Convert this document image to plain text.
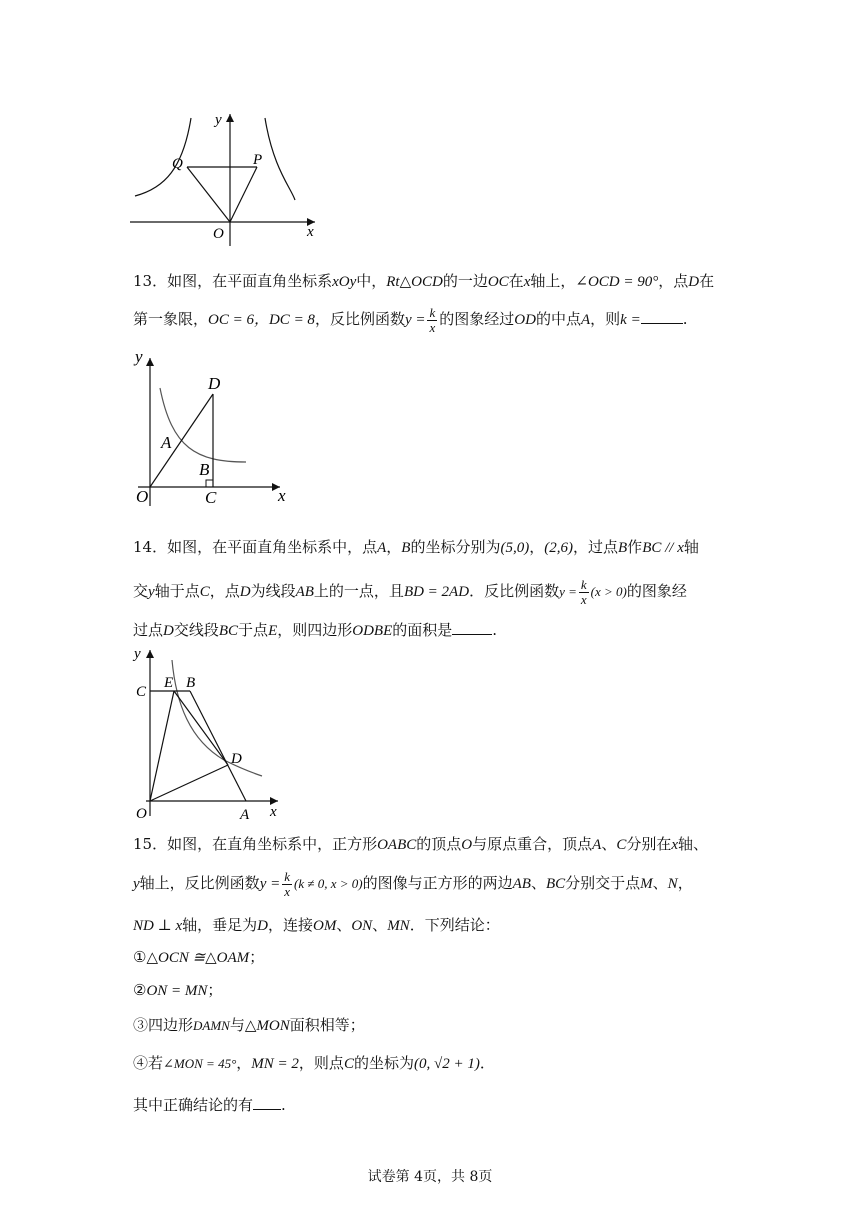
y
x
O
P
Q
13．如图，在平面直角坐标系xOy中，Rt△OCD的一边OC在x轴上，∠OCD = 90°，点D在
第一象限，OC = 6，DC = 8，反比例函数$y = \frac{k}{x}$ 的图象经过OD的中点A，则k =	.
y
x
O
A
B
C
D
14．如图，在平面直角坐标系中，点A，B的坐标分别为(5,0)，(2,6)，过点B作BC // x轴
交y轴于点C，点D为线段AB上的一点，且BD = 2AD．反比例函数$y = \frac{k}{x} (x > 0)$的图象经
过点D交线段BC于点E，则四边形ODBE的面积是	.
y
x
O	A
B
C
D
E
15．如图，在直角坐标系中，正方形OABC的顶点O与原点重合，顶点A、C分别在x轴、
y轴上，反比例函数$y = \frac{k}{x} (k \ne 0$, x > 0)的图像与正方形的两边AB、BC分别交于点M、N，
ND ⊥ x轴，垂足为D，连接OM、ON、MN．下列结论：
①△OCN ≅△OAM；
②ON = MN；
③四边形DAMN与△MON面积相等；
④若∠MON = 45°，MN = 2，则点C的坐标为(0, √2 + 1)．
其中正确结论的有 .
试卷第 4页，共 8页
